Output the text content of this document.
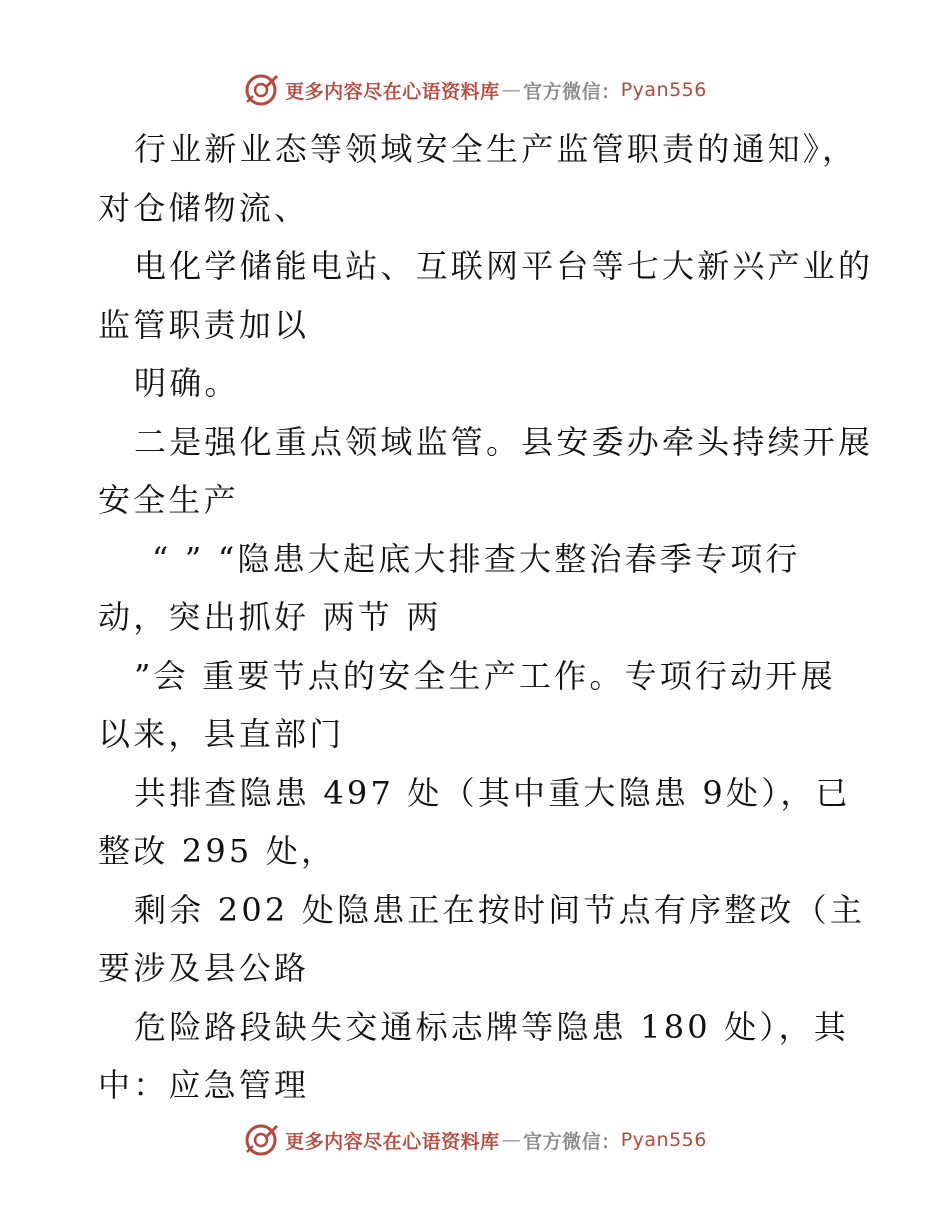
更多内容尽在心语资料库 — 官方微信： Pyan556
行业新业态等领域安全生产监管职责的通知》，
对仓储物流、
电化学储能电站、互联网平台等七大新兴产业的
监管职责加以
明确。
二是强化重点领域监管。县安委办牵头持续开展
安全生产
“ ” “隐患大起底大排查大整治春季专项行
动，突出抓好 两节 两
”会 重要节点的安全生产工作。专项行动开展
以来，县直部门
共排查隐患 497 处（其中重大隐患 9处），已
整改 295 处，
剩余 202 处隐患正在按时间节点有序整改（主
要涉及县公路
危险路段缺失交通标志牌等隐患 180 处），其
中：应急管理
更多内容尽在心语资料库 — 官方微信： Pyan556
